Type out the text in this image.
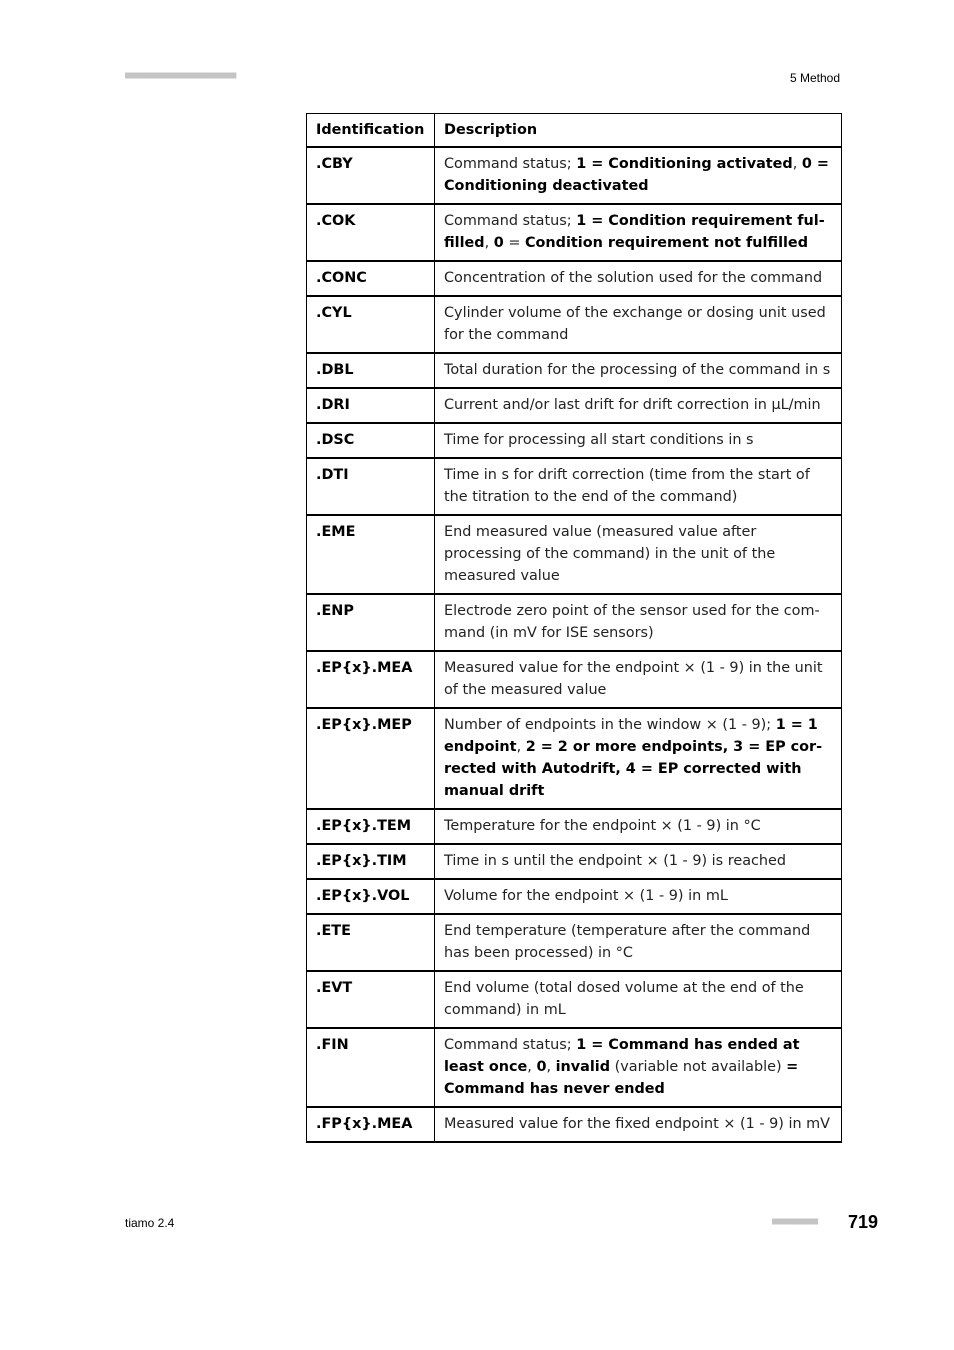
■■■■■■■■■■■■■■■■■■■■■■	5 Method
Identification	Description
.CBY	Command status; 1 = Conditioning activated, 0 = Conditioning deactivated
.COK	Command status; 1 = Condition requirement fulfilled, 0 = Condition requirement not fulfilled
.CONC	Concentration of the solution used for the command
.CYL	Cylinder volume of the exchange or dosing unit used for the command
.DBL	Total duration for the processing of the command in s
.DRI	Current and/or last drift for drift correction in µL/min
.DSC	Time for processing all start conditions in s
.DTI	Time in s for drift correction (time from the start of the titration to the end of the command)
.EME	End measured value (measured value after processing of the command) in the unit of the measured value
.ENP	Electrode zero point of the sensor used for the command (in mV for ISE sensors)
.EP{x}.MEA	Measured value for the endpoint × (1 - 9) in the unit of the measured value
.EP{x}.MEP	Number of endpoints in the window × (1 - 9); 1 = 1 endpoint, 2 = 2 or more endpoints, 3 = EP corrected with Autodrift, 4 = EP corrected with manual drift
.EP{x}.TEM	Temperature for the endpoint × (1 - 9) in °C
.EP{x}.TIM	Time in s until the endpoint × (1 - 9) is reached
.EP{x}.VOL	Volume for the endpoint × (1 - 9) in mL
.ETE	End temperature (temperature after the command has been processed) in °C
.EVT	End volume (total dosed volume at the end of the command) in mL
.FIN	Command status; 1 = Command has ended at least once, 0, invalid (variable not available) = Command has never ended
.FP{x}.MEA	Measured value for the fixed endpoint × (1 - 9) in mV
tiamo 2.4	■■■■■■■■■ 719
